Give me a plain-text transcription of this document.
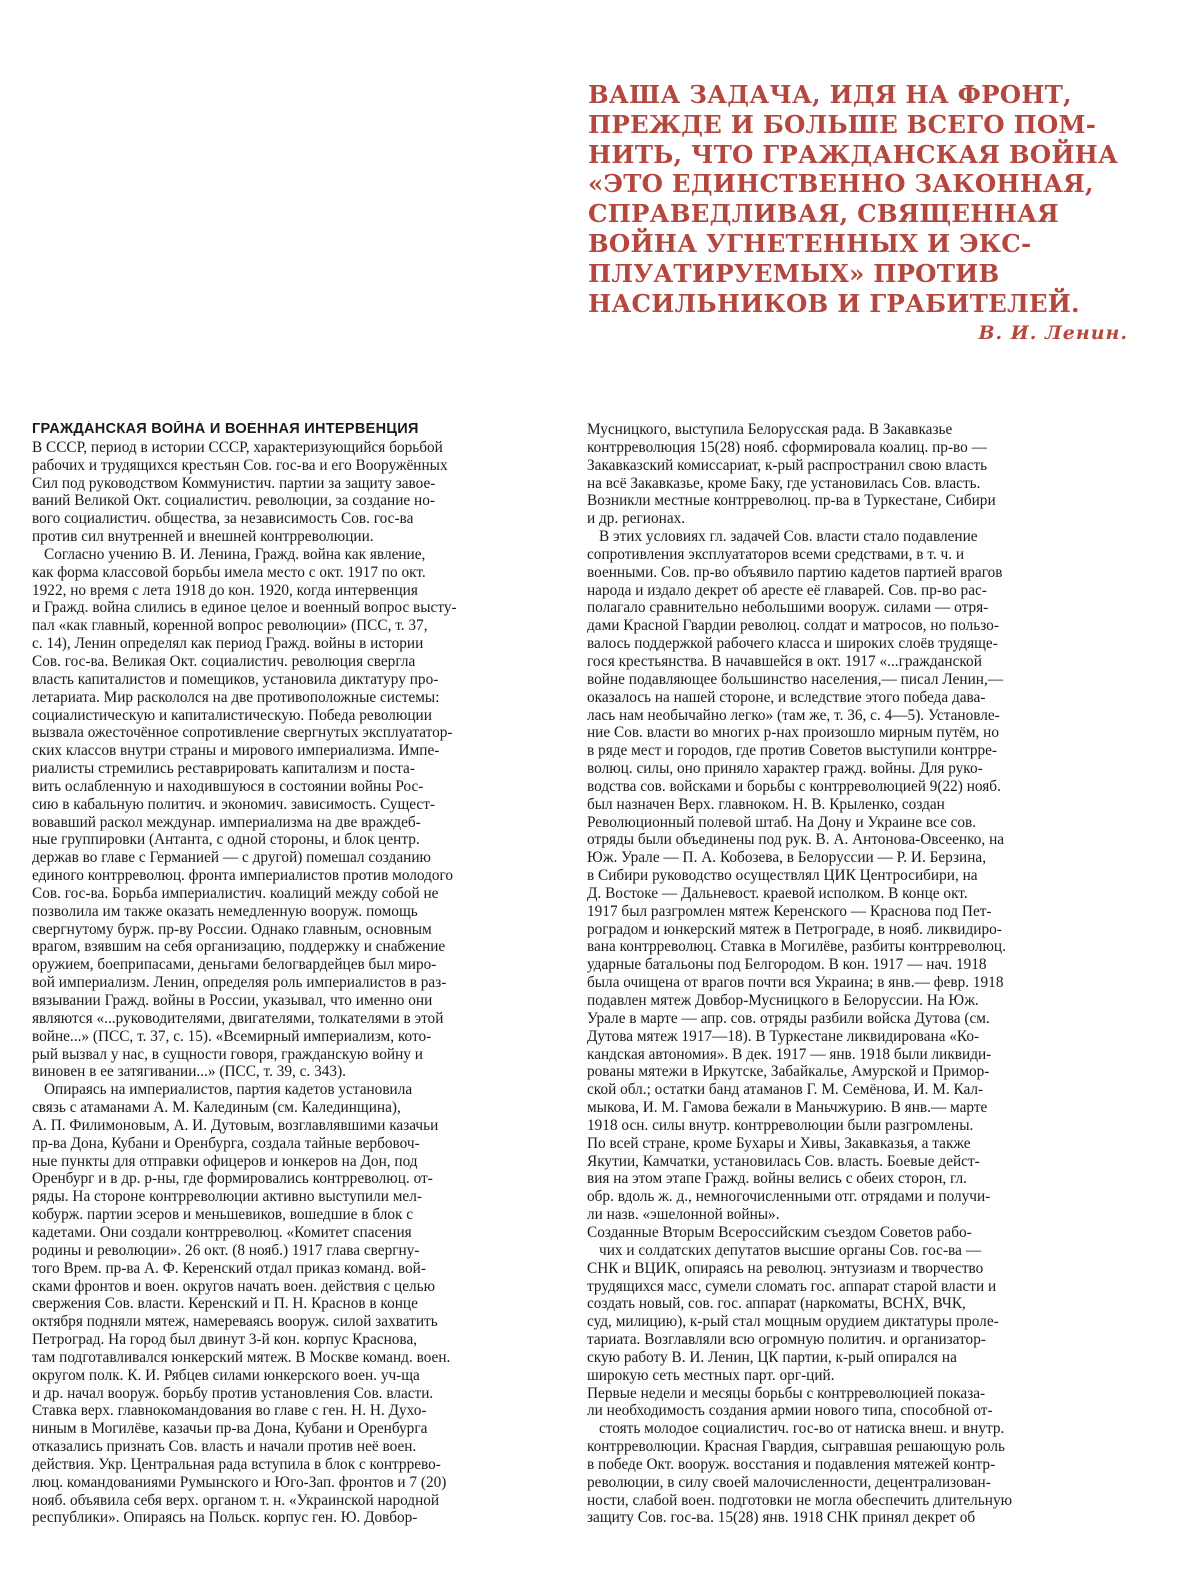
ВАША ЗАДАЧА, ИДЯ НА ФРОНТ,
ПРЕЖДЕ И БОЛЬШЕ ВСЕГО ПОМ-
НИТЬ, ЧТО ГРАЖДАНСКАЯ ВОЙНА
«ЭТО ЕДИНСТВЕННО ЗАКОННАЯ,
СПРАВЕДЛИВАЯ, СВЯЩЕННАЯ
ВОЙНА УГНЕТЕННЫХ И ЭКС-
ПЛУАТИРУЕМЫХ» ПРОТИВ
НАСИЛЬНИКОВ И ГРАБИТЕЛЕЙ.
В. И. Ленин.
ГРАЖДА́НСКАЯ ВОЙНА́ И ВОЕ́ННАЯ ИНТЕРВЕ́НЦИЯ
В СССР, период в истории СССР, характеризующийся борьбой
рабочих и трудящихся крестьян Сов. гос-ва и его Вооружённых
Сил под руководством Коммунистич. партии за защиту завое-
ваний Великой Окт. социалистич. революции, за создание но-
вого социалистич. общества, за независимость Сов. гос-ва
против сил внутренней и внешней контрреволюции.
Согласно учению В. И. Ленина, Гражд. война как явление,
как форма классовой борьбы имела место с окт. 1917 по окт.
1922, но время с лета 1918 до кон. 1920, когда интервенция
и Гражд. война слились в единое целое и военный вопрос высту-
пал «как главный, коренной вопрос революции» (ПСС, т. 37,
с. 14), Ленин определял как период Гражд. войны в истории
Сов. гос-ва. Великая Окт. социалистич. революция свергла
власть капиталистов и помещиков, установила диктатуру про-
летариата. Мир раскололся на две противоположные системы:
социалистическую и капиталистическую. Победа революции
вызвала ожесточённое сопротивление свергнутых эксплуататор-
ских классов внутри страны и мирового империализма. Импе-
риалисты стремились реставрировать капитализм и поста-
вить ослабленную и находившуюся в состоянии войны Рос-
сию в кабальную политич. и экономич. зависимость. Сущест-
вовавший раскол междунар. империализма на две враждеб-
ные группировки (Антанта, с одной стороны, и блок центр.
держав во главе с Германией — с другой) помешал созданию
единого контрреволюц. фронта империалистов против молодого
Сов. гос-ва. Борьба империалистич. коалиций между собой не
позволила им также оказать немедленную вооруж. помощь
свергнутому бурж. пр-ву России. Однако главным, основным
врагом, взявшим на себя организацию, поддержку и снабжение
оружием, боеприпасами, деньгами белогвардейцев был миро-
вой империализм. Ленин, определяя роль империалистов в раз-
вязывании Гражд. войны в России, указывал, что именно они
являются «...руководителями, двигателями, толкателями в этой
войне...» (ПСС, т. 37, с. 15). «Всемирный империализм, кото-
рый вызвал у нас, в сущности говоря, гражданскую войну и
виновен в ее затягивании...» (ПСС, т. 39, с. 343).
Опираясь на империалистов, партия кадетов установила
связь с атаманами А. М. Калединым (см. Калединщина),
А. П. Филимоновым, А. И. Дутовым, возглавлявшими казачьи
пр-ва Дона, Кубани и Оренбурга, создала тайные вербовоч-
ные пункты для отправки офицеров и юнкеров на Дон, под
Оренбург и в др. р-ны, где формировались контрреволюц. от-
ряды. На стороне контрреволюции активно выступили мел-
кобурж. партии эсеров и меньшевиков, вошедшие в блок с
кадетами. Они создали контрреволюц. «Комитет спасения
родины и революции». 26 окт. (8 нояб.) 1917 глава свергну-
того Врем. пр-ва А. Ф. Керенский отдал приказ команд. вой-
сками фронтов и воен. округов начать воен. действия с целью
свержения Сов. власти. Керенский и П. Н. Краснов в конце
октября подняли мятеж, намереваясь вооруж. силой захватить
Петроград. На город был двинут 3-й кон. корпус Краснова,
там подготавливался юнкерский мятеж. В Москве команд. воен.
округом полк. К. И. Рябцев силами юнкерского воен. уч-ща
и др. начал вооруж. борьбу против установления Сов. власти.
Ставка верх. главнокомандования во главе с ген. Н. Н. Духо-
ниным в Могилёве, казачьи пр-ва Дона, Кубани и Оренбурга
отказались признать Сов. власть и начали против неё воен.
действия. Укр. Центральная рада вступила в блок с контррево-
люц. командованиями Румынского и Юго-Зап. фронтов и 7 (20)
нояб. объявила себя верх. органом т. н. «Украинской народной
республики». Опираясь на Польск. корпус ген. Ю. Довбор-
Мусницкого, выступила Белорусская рада. В Закавказье
контрреволюция 15(28) нояб. сформировала коалиц. пр-во —
Закавказский комиссариат, к-рый распространил свою власть
на всё Закавказье, кроме Баку, где установилась Сов. власть.
Возникли местные контрреволюц. пр-ва в Туркестане, Сибири
и др. регионах.
В этих условиях гл. задачей Сов. власти стало подавление
сопротивления эксплуататоров всеми средствами, в т. ч. и
военными. Сов. пр-во объявило партию кадетов партией врагов
народа и издало декрет об аресте её главарей. Сов. пр-во рас-
полагало сравнительно небольшими вооруж. силами — отря-
дами Красной Гвардии революц. солдат и матросов, но пользо-
валось поддержкой рабочего класса и широких слоёв трудяще-
гося крестьянства. В начавшейся в окт. 1917 «...гражданской
войне подавляющее большинство населения,— писал Ленин,—
оказалось на нашей стороне, и вследствие этого победа дава-
лась нам необычайно легко» (там же, т. 36, с. 4—5). Установле-
ние Сов. власти во многих р-нах произошло мирным путём, но
в ряде мест и городов, где против Советов выступили контрре-
волюц. силы, оно приняло характер гражд. войны. Для руко-
водства сов. войсками и борьбы с контрреволюцией 9(22) нояб.
был назначен Верх. главноком. Н. В. Крыленко, создан
Революционный полевой штаб. На Дону и Украине все сов.
отряды были объединены под рук. В. А. Антонова-Овсеенко, на
Юж. Урале — П. А. Кобозева, в Белоруссии — Р. И. Берзина,
в Сибири руководство осуществлял ЦИК Центросибири, на
Д. Востоке — Дальневост. краевой исполком. В конце окт.
1917 был разгромлен мятеж Керенского — Краснова под Пет-
роградом и юнкерский мятеж в Петрограде, в нояб. ликвидиро-
вана контрреволюц. Ставка в Могилёве, разбиты контрреволюц.
ударные батальоны под Белгородом. В кон. 1917 — нач. 1918
была очищена от врагов почти вся Украина; в янв.— февр. 1918
подавлен мятеж Довбор-Мусницкого в Белоруссии. На Юж.
Урале в марте — апр. сов. отряды разбили войска Дутова (см.
Дутова мятеж 1917—18). В Туркестане ликвидирована «Ко-
кандская автономия». В дек. 1917 — янв. 1918 были ликвиди-
рованы мятежи в Иркутске, Забайкалье, Амурской и Примор-
ской обл.; остатки банд атаманов Г. М. Семёнова, И. М. Кал-
мыкова, И. М. Гамова бежали в Маньчжурию. В янв.— марте
1918 осн. силы внутр. контрреволюции были разгромлены.
По всей стране, кроме Бухары и Хивы, Закавказья, а также
Якутии, Камчатки, установилась Сов. власть. Боевые дейст-
вия на этом этапе Гражд. войны велись с обеих сторон, гл.
обр. вдоль ж. д., немногочисленными отг. отрядами и получи-
ли назв. «эшелонной войны».
Созданные Вторым Всероссийским съездом Советов рабо-
чих и солдатских депутатов высшие органы Сов. гос-ва —
СНК и ВЦИК, опираясь на революц. энтузиазм и творчество
трудящихся масс, сумели сломать гос. аппарат старой власти и
создать новый, сов. гос. аппарат (наркоматы, ВСНХ, ВЧК,
суд, милицию), к-рый стал мощным орудием диктатуры проле-
тариата. Возглавляли всю огромную политич. и организатор-
скую работу В. И. Ленин, ЦК партии, к-рый опирался на
широкую сеть местных парт. орг-ций.
Первые недели и месяцы борьбы с контрреволюцией показа-
ли необходимость создания армии нового типа, способной от-
стоять молодое социалистич. гос-во от натиска внеш. и внутр.
контрреволюции. Красная Гвардия, сыгравшая решающую роль
в победе Окт. вооруж. восстания и подавления мятежей контр-
революции, в силу своей малочисленности, децентрализован-
ности, слабой воен. подготовки не могла обеспечить длительную
защиту Сов. гос-ва. 15(28) янв. 1918 СНК принял декрет об
